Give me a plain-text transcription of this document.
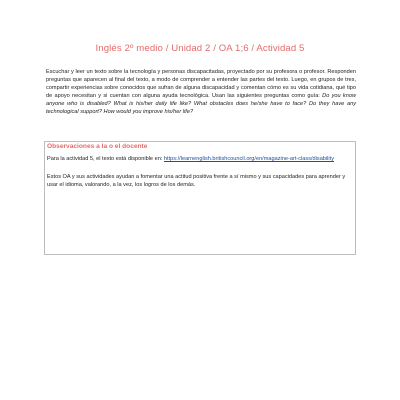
Inglés 2º medio / Unidad 2 / OA 1;6 / Actividad 5
Escuchar y leer un texto sobre la tecnología y personas discapacitadas, proyectado por su profesora o profesor. Responden preguntas que aparecen al final del texto, a modo de comprender a entender las partes del texto. Luego, en grupos de tres, compartir experiencias sobre conocidos que sufran de alguna discapacidad y comentan cómo es su vida cotidiana, qué tipo de apoyo necesitan y si cuentan con alguna ayuda tecnológica. Usan las siguientes preguntas como guía: Do you know anyone who is disabled? What is his/her daily life like? What obstacles does he/she have to face? Do they have any technological support? How would you improve his/her life?
Observaciones a la o el docente
Para la actividad 5, el texto está disponible en: https://learnenglish.britishcouncil.org/en/magazine-art-class/disability
Estos OA y sus actividades ayudan a fomentar una actitud positiva frente a sí mismo y sus capacidades para aprender y usar el idioma, valorando, a la vez, los logros de los demás.
